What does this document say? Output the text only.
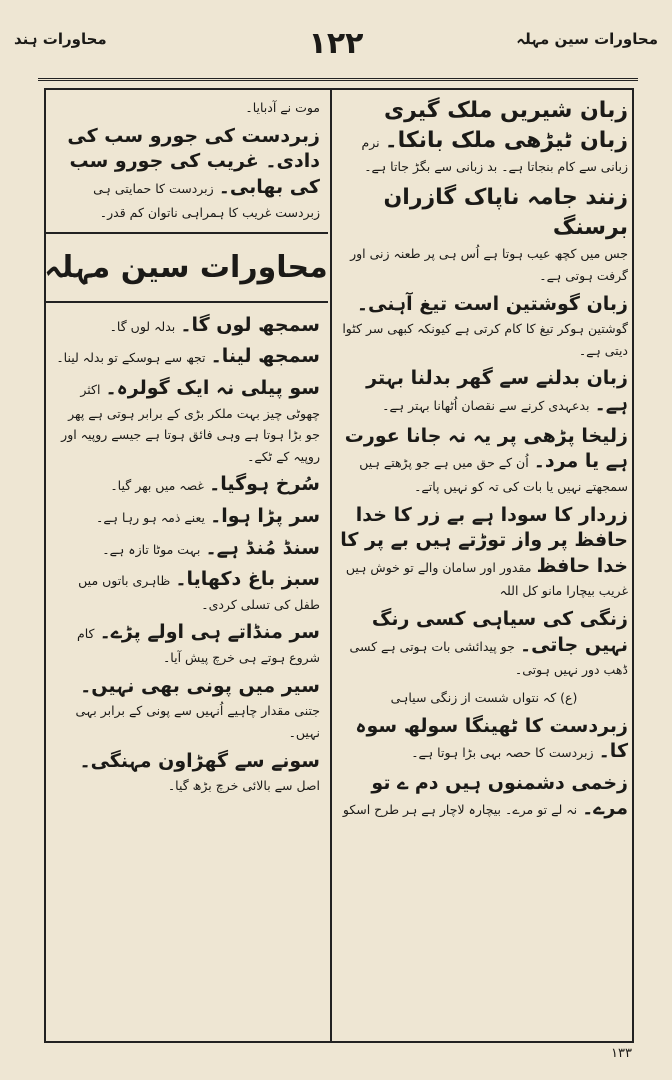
محاورات ہند	۱۲۲	محاورات سین مہلہ
زبان شیریں ملک گیری زبان ٹیڑھی ملک بانکا۔ نرم زبانی سے کام بنجاتا ہے۔ بد زبانی سے بگڑ جاتا ہے۔
زنند جامہ ناپاک گازران برسنگ
جس میں کچھ عیب ہوتا ہے اُس ہی پر طعنہ زنی اور گرفت ہوتی ہے۔
زبان گوشتین است تیغ آہنی۔ گوشتین ہوکر تیغ کا کام کرتی ہے کیونکہ کبھی سر کٹوا دیتی ہے۔
زبان بدلنے سے گھر بدلنا بہتر ہے۔ بدعہدی کرنے سے نقصان اُٹھانا بہتر ہے۔
زلیخا پڑھی پر یہ نہ جانا عورت ہے یا مرد۔ اُن کے حق میں ہے جو پڑھتے ہیں سمجھتے نہیں یا بات کی تہ کو نہیں پاتے۔
زردار کا سودا ہے بے زر کا خدا حافظ پر واز توڑتے ہیں بے پر کا خدا حافظ مقدور اور سامان والے تو خوش ہیں غریب بیچارا مانو کل اللہ
زنگی کی سیاہی کسی رنگ نہیں جاتی۔ جو پیدائشی بات ہوتی ہے کسی ڈھب دور نہیں ہوتی۔
(ع) کہ نتواں شست از زنگی سیاہی
زبردست کا ٹھینگا سولھ سوہ کا۔ زبردست کا حصہ بہی بڑا ہوتا ہے۔
زخمی دشمنوں ہیں دم ے تو مرے۔ نہ لے تو مرے۔ بیچارہ لاچار ہے ہر طرح اسکو
موت نے آدبایا۔
زبردست کی جورو سب کی دادی۔ غریب کی جورو سب کی بھابی۔ زبردست کا حمایتی ہی زبردست غریب کا ہمراہی ناتوان کم قدر۔
محاورات سین مہلہ
سمجھ لوں گا۔ بدلہ لوں گا۔
سمجھ لینا۔ تجھ سے ہوسکے تو بدلہ لینا۔
سو پیلی نہ ایک گولرہ۔ اکثر چھوٹی چیز بہت ملکر بڑی کے برابر ہوتی ہے پھر جو بڑا ہوتا ہے وہی فائق ہوتا ہے جیسے روپیہ اور روپیہ کے ٹکے۔
سُرخ ہوگیا۔ غصہ میں بھر گیا۔
سر پڑا ہوا۔ یعنے ذمہ ہو رہا ہے۔
سنڈ مُنڈ ہے۔ بہت موٹا تازہ ہے۔
سبز باغ دکھایا۔ ظاہری باتوں میں طفل کی تسلی کردی۔
سر منڈاتے ہی اولے پڑے۔ کام شروع ہوتے ہی خرچ پیش آیا۔
سیر میں پونی بھی نہیں۔ جتنی مقدار چاہیے اُنہیں سے پونی کے برابر بہی نہیں۔
سونے سے گھڑاون مہنگی۔ اصل سے بالائی خرچ بڑھ گیا۔
۱۳۳
